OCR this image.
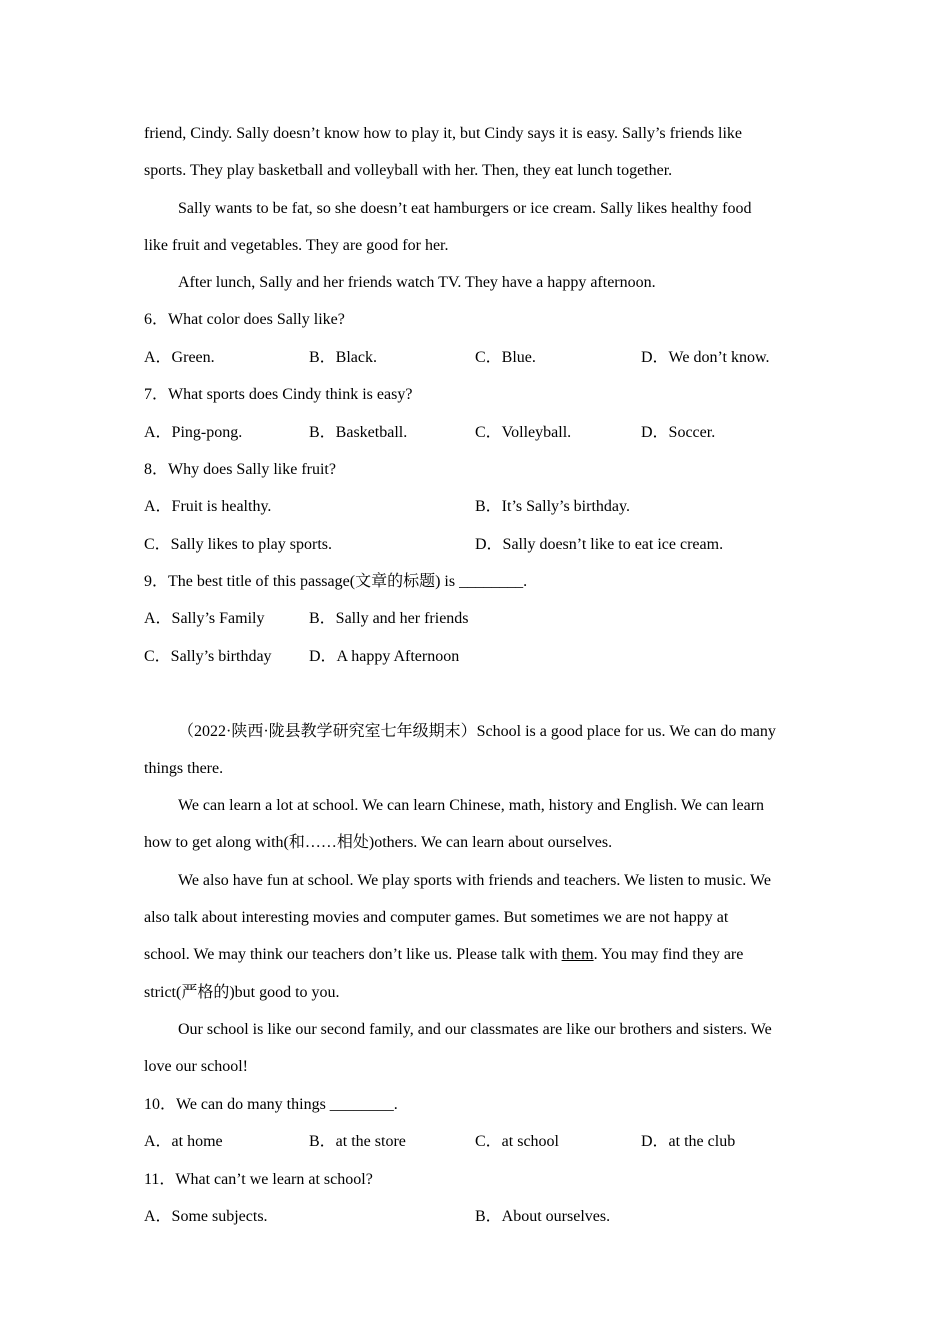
friend, Cindy. Sally doesn’t know how to play it, but Cindy says it is easy. Sally’s friends like
sports. They play basketball and volleyball with her. Then, they eat lunch together.
Sally wants to be fat, so she doesn’t eat hamburgers or ice cream. Sally likes healthy food
like fruit and vegetables. They are good for her.
After lunch, Sally and her friends watch TV. They have a happy afternoon.
6．What color does Sally like?
A．Green.	B．Black.	C．Blue.	D．We don’t know.
7．What sports does Cindy think is easy?
A．Ping-pong.	B．Basketball.	C．Volleyball.	D．Soccer.
8．Why does Sally like fruit?
A．Fruit is healthy.	B．It’s Sally’s birthday.
C．Sally likes to play sports.	D．Sally doesn’t like to eat ice cream.
9．The best title of this passage(文章的标题) is ________.
A．Sally’s Family	B．Sally and her friends
C．Sally’s birthday D．A happy Afternoon
（2022·陕西·陇县教学研究室七年级期末）School is a good place for us. We can do many
things there.
We can learn a lot at school. We can learn Chinese, math, history and English. We can learn
how to get along with(和……相处)others. We can learn about ourselves.
We also have fun at school. We play sports with friends and teachers. We listen to music. We
also talk about interesting movies and computer games. But sometimes we are not happy at
school. We may think our teachers don’t like us. Please talk with them. You may find they are
strict(严格的)but good to you.
Our school is like our second family, and our classmates are like our brothers and sisters. We
love our school!
10．We can do many things ________.
A．at home	B．at the store	C．at school	D．at the club
11．What can’t we learn at school?
A．Some subjects.	B．About ourselves.
